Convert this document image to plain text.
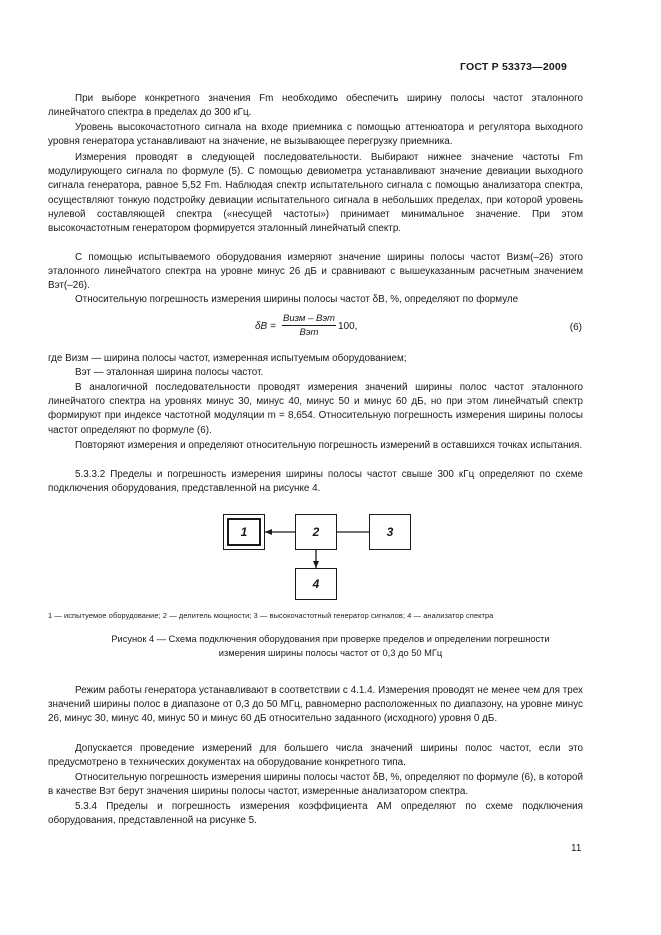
ГОСТ Р 53373—2009
При выборе конкретного значения Fm необходимо обеспечить ширину полосы частот эталонного линейчатого спектра в пределах до 300 кГц.
Уровень высокочастотного сигнала на входе приемника с помощью аттенюатора и регулятора выходного уровня генератора устанавливают на значение, не вызывающее перегрузку приемника.
Измерения проводят в следующей последовательности. Выбирают нижнее значение частоты Fm модулирующего сигнала по формуле (5). С помощью девиометра устанавливают значение девиации выходного сигнала генератора, равное 5,52 Fm. Наблюдая спектр испытательного сигнала с помощью анализатора спектра, осуществляют тонкую подстройку девиации испытательного сигнала в небольших пределах, при которой уровень нулевой составляющей спектра («несущей частоты») принимает минимальное значение. При этом высокочастотным генератором формируется эталонный линейчатый спектр.
С помощью испытываемого оборудования измеряют значение ширины полосы частот Bизм(–26) этого эталонного линейчатого спектра на уровне минус 26 дБ и сравнивают с вышеуказанным расчетным значением Bэт(–26).
Относительную погрешность измерения ширины полосы частот δB, %, определяют по формуле
δB =
Bизм – Bэт
Bэт
100,	(6)
где Bизм — ширина полосы частот, измеренная испытуемым оборудованием;
Bэт — эталонная ширина полосы частот.
В аналогичной последовательности проводят измерения значений ширины полос частот эталонного линейчатого спектра на уровнях минус 30, минус 40, минус 50 и минус 60 дБ, но при этом линейчатый спектр формируют при индексе частотной модуляции m = 8,654. Относительную погрешность измерения ширины полосы частот определяют по формуле (6).
Повторяют измерения и определяют относительную погрешность измерений в оставшихся точках испытания.
5.3.3.2 Пределы и погрешность измерения ширины полосы частот свыше 300 кГц определяют по схеме подключения оборудования, представленной на рисунке 4.
1	2	3
4
1 — испытуемое оборудование; 2 — делитель мощности; 3 — высокочастотный генератор сигналов; 4 — анализатор спектра
Рисунок 4 — Схема подключения оборудования при проверке пределов и определении погрешности
измерения ширины полосы частот от 0,3 до 50 МГц
Режим работы генератора устанавливают в соответствии с 4.1.4. Измерения проводят не менее чем для трех значений ширины полос в диапазоне от 0,3 до 50 МГц, равномерно расположенных по диапазону, на уровне минус 26, минус 30, минус 40, минус 50 и минус 60 дБ относительно заданного (исходного) уровня 0 дБ.
Допускается проведение измерений для большего числа значений ширины полос частот, если это предусмотрено в технических документах на оборудование конкретного типа.
Относительную погрешность измерения ширины полосы частот δB, %, определяют по формуле (6), в которой в качестве Bэт берут значения ширины полосы частот, измеренные анализатором спектра.
5.3.4 Пределы и погрешность измерения коэффициента АМ определяют по схеме подключения оборудования, представленной на рисунке 5.
11
